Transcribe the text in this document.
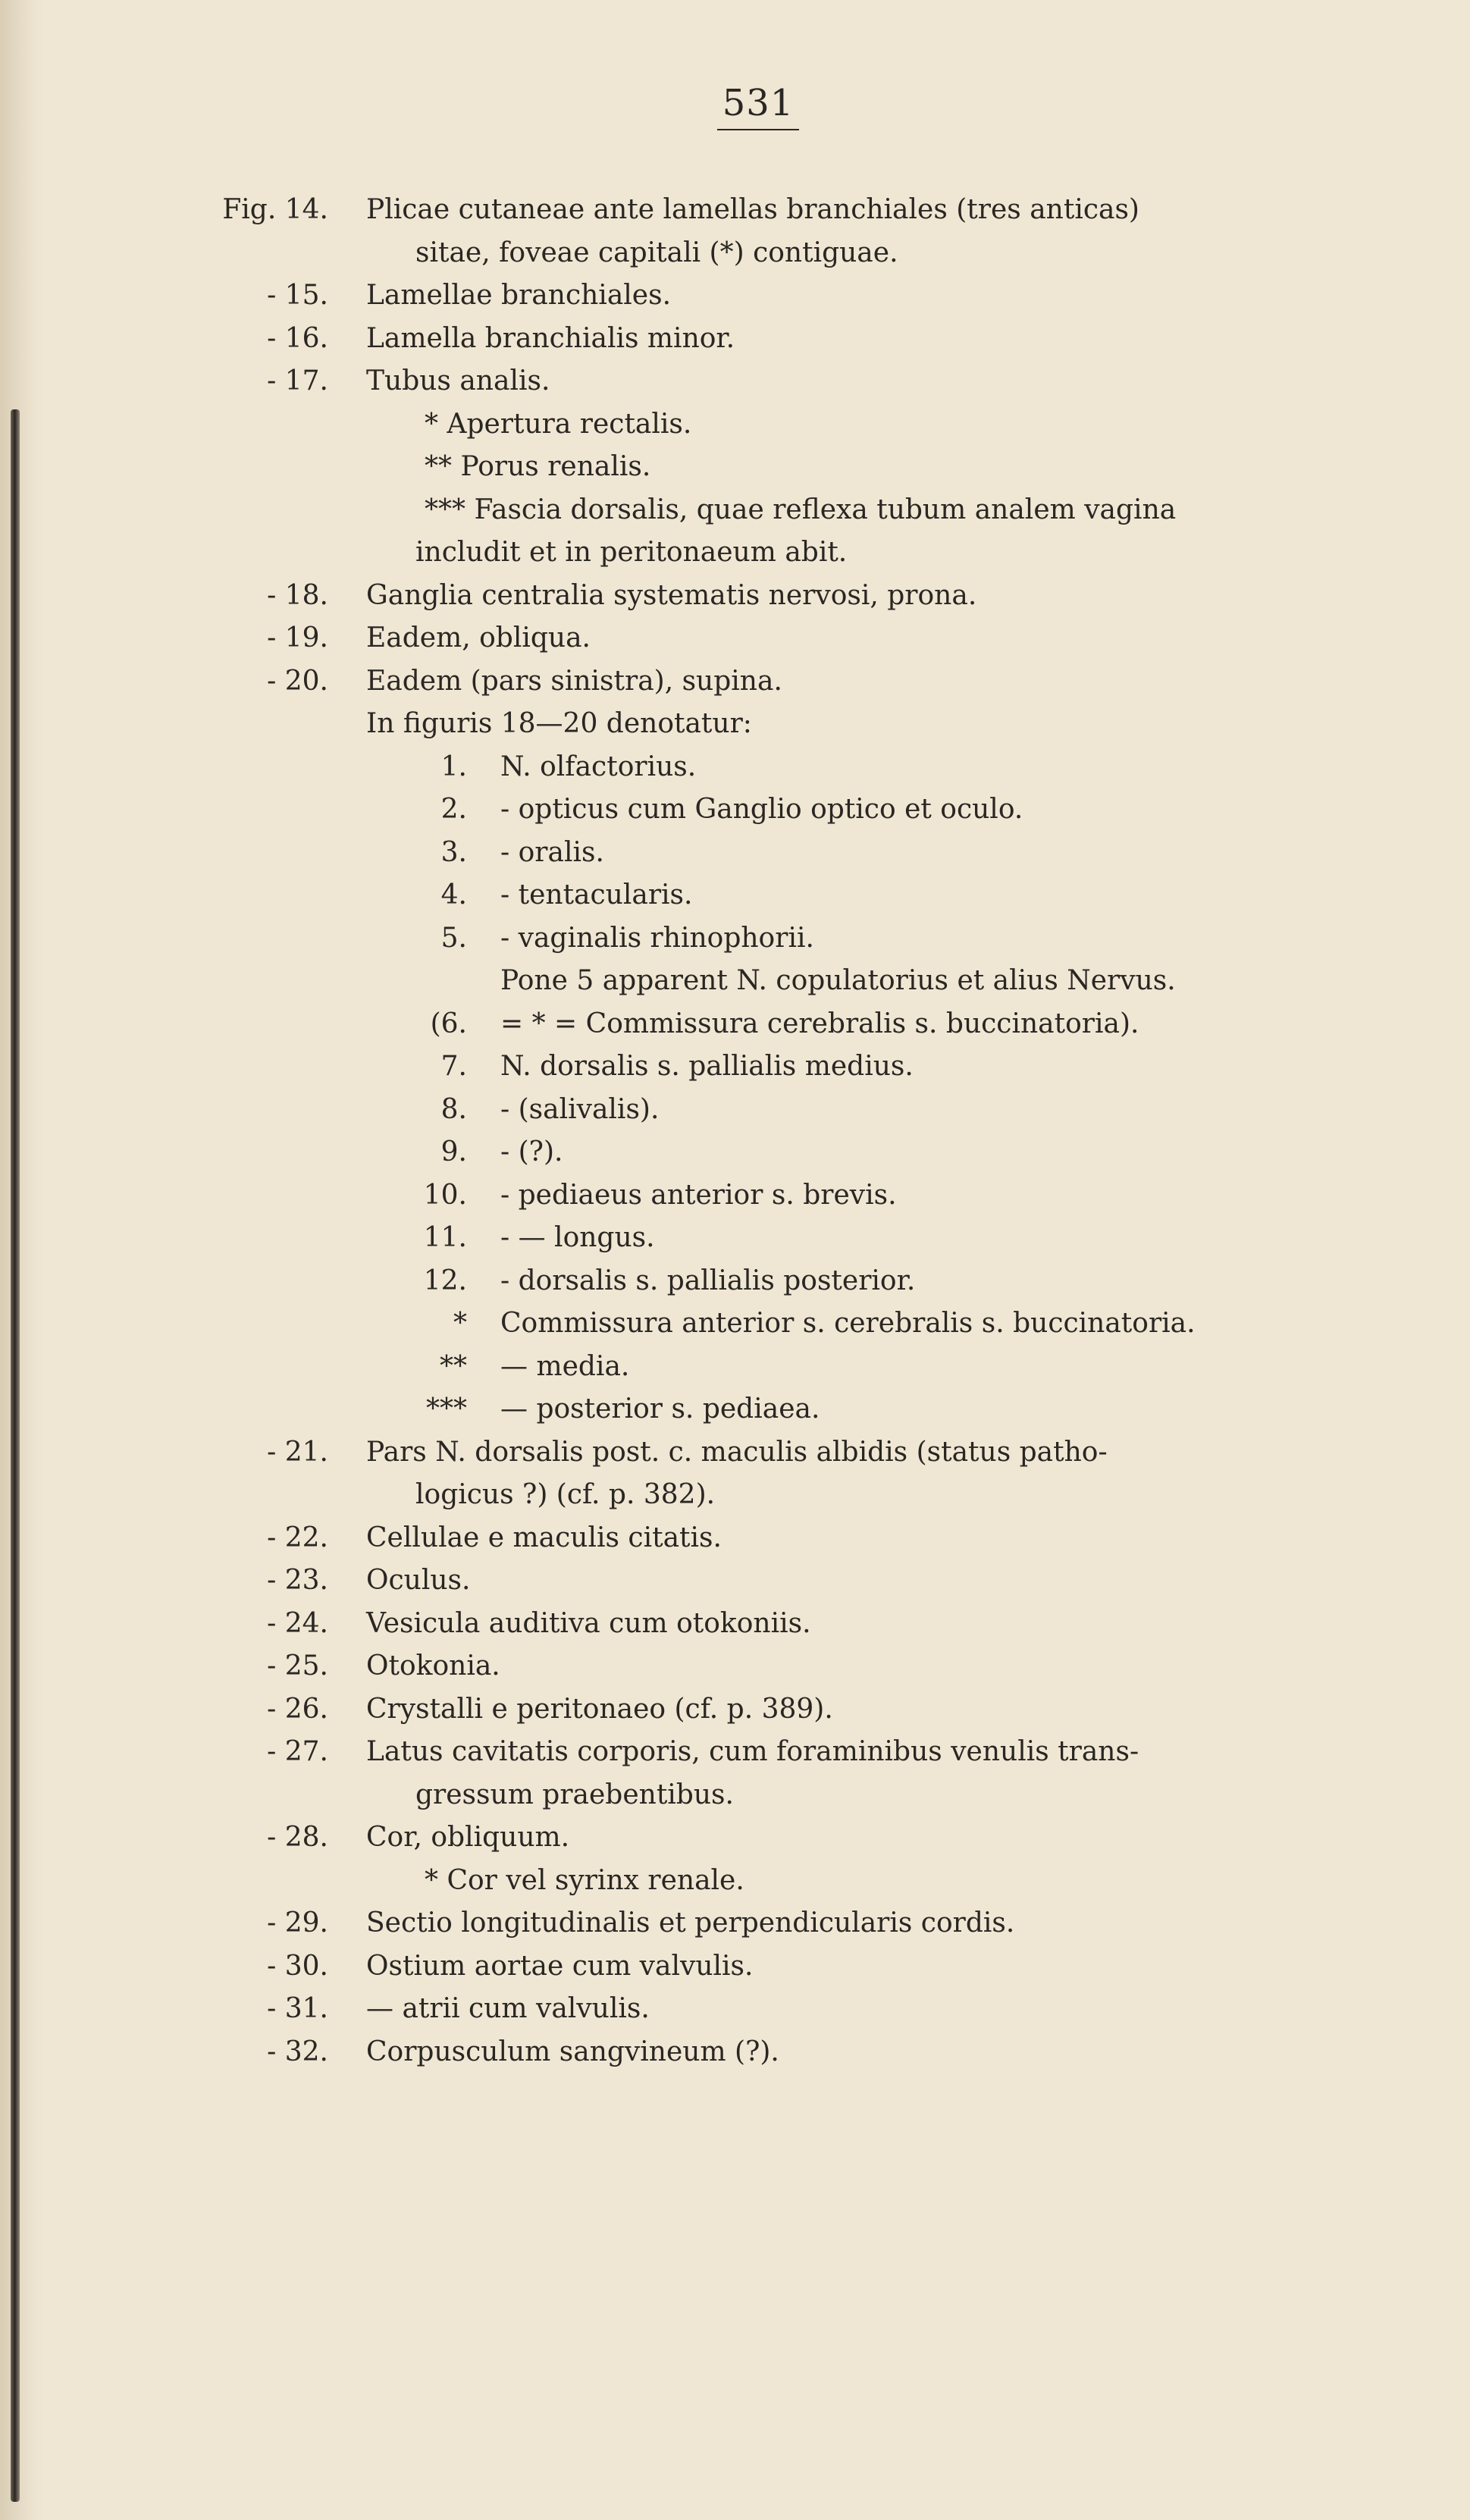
531
Fig. 14. Plicae cutaneae ante lamellas branchiales (tres anticas)
sitae, foveae capitali (*) contiguae.
- 15. Lamellae branchiales.
- 16. Lamella branchialis minor.
- 17. Tubus analis.
* Apertura rectalis.
** Porus renalis.
*** Fascia dorsalis, quae reflexa tubum analem vagina
includit et in peritonaeum abit.
- 18. Ganglia centralia systematis nervosi, prona.
- 19. Eadem, obliqua.
- 20. Eadem (pars sinistra), supina.
In figuris 18—20 denotatur:
1. N. olfactorius.
2. - opticus cum Ganglio optico et oculo.
3. - oralis.
4. - tentacularis.
5. - vaginalis rhinophorii.
Pone 5 apparent N. copulatorius et alius Nervus.
(6. = * = Commissura cerebralis s. buccinatoria).
7. N. dorsalis s. pallialis medius.
8. - (salivalis).
9. - (?).
10. - pediaeus anterior s. brevis.
11. - — longus.
12. - dorsalis s. pallialis posterior.
* Commissura anterior s. cerebralis s. buccinatoria.
** — media.
*** — posterior s. pediaea.
- 21. Pars N. dorsalis post. c. maculis albidis (status patho-
logicus ?) (cf. p. 382).
- 22. Cellulae e maculis citatis.
- 23. Oculus.
- 24. Vesicula auditiva cum otokoniis.
- 25. Otokonia.
- 26. Crystalli e peritonaeo (cf. p. 389).
- 27. Latus cavitatis corporis, cum foraminibus venulis trans-
gressum praebentibus.
- 28. Cor, obliquum.
* Cor vel syrinx renale.
- 29. Sectio longitudinalis et perpendicularis cordis.
- 30. Ostium aortae cum valvulis.
- 31. — atrii cum valvulis.
- 32. Corpusculum sangvineum (?).
